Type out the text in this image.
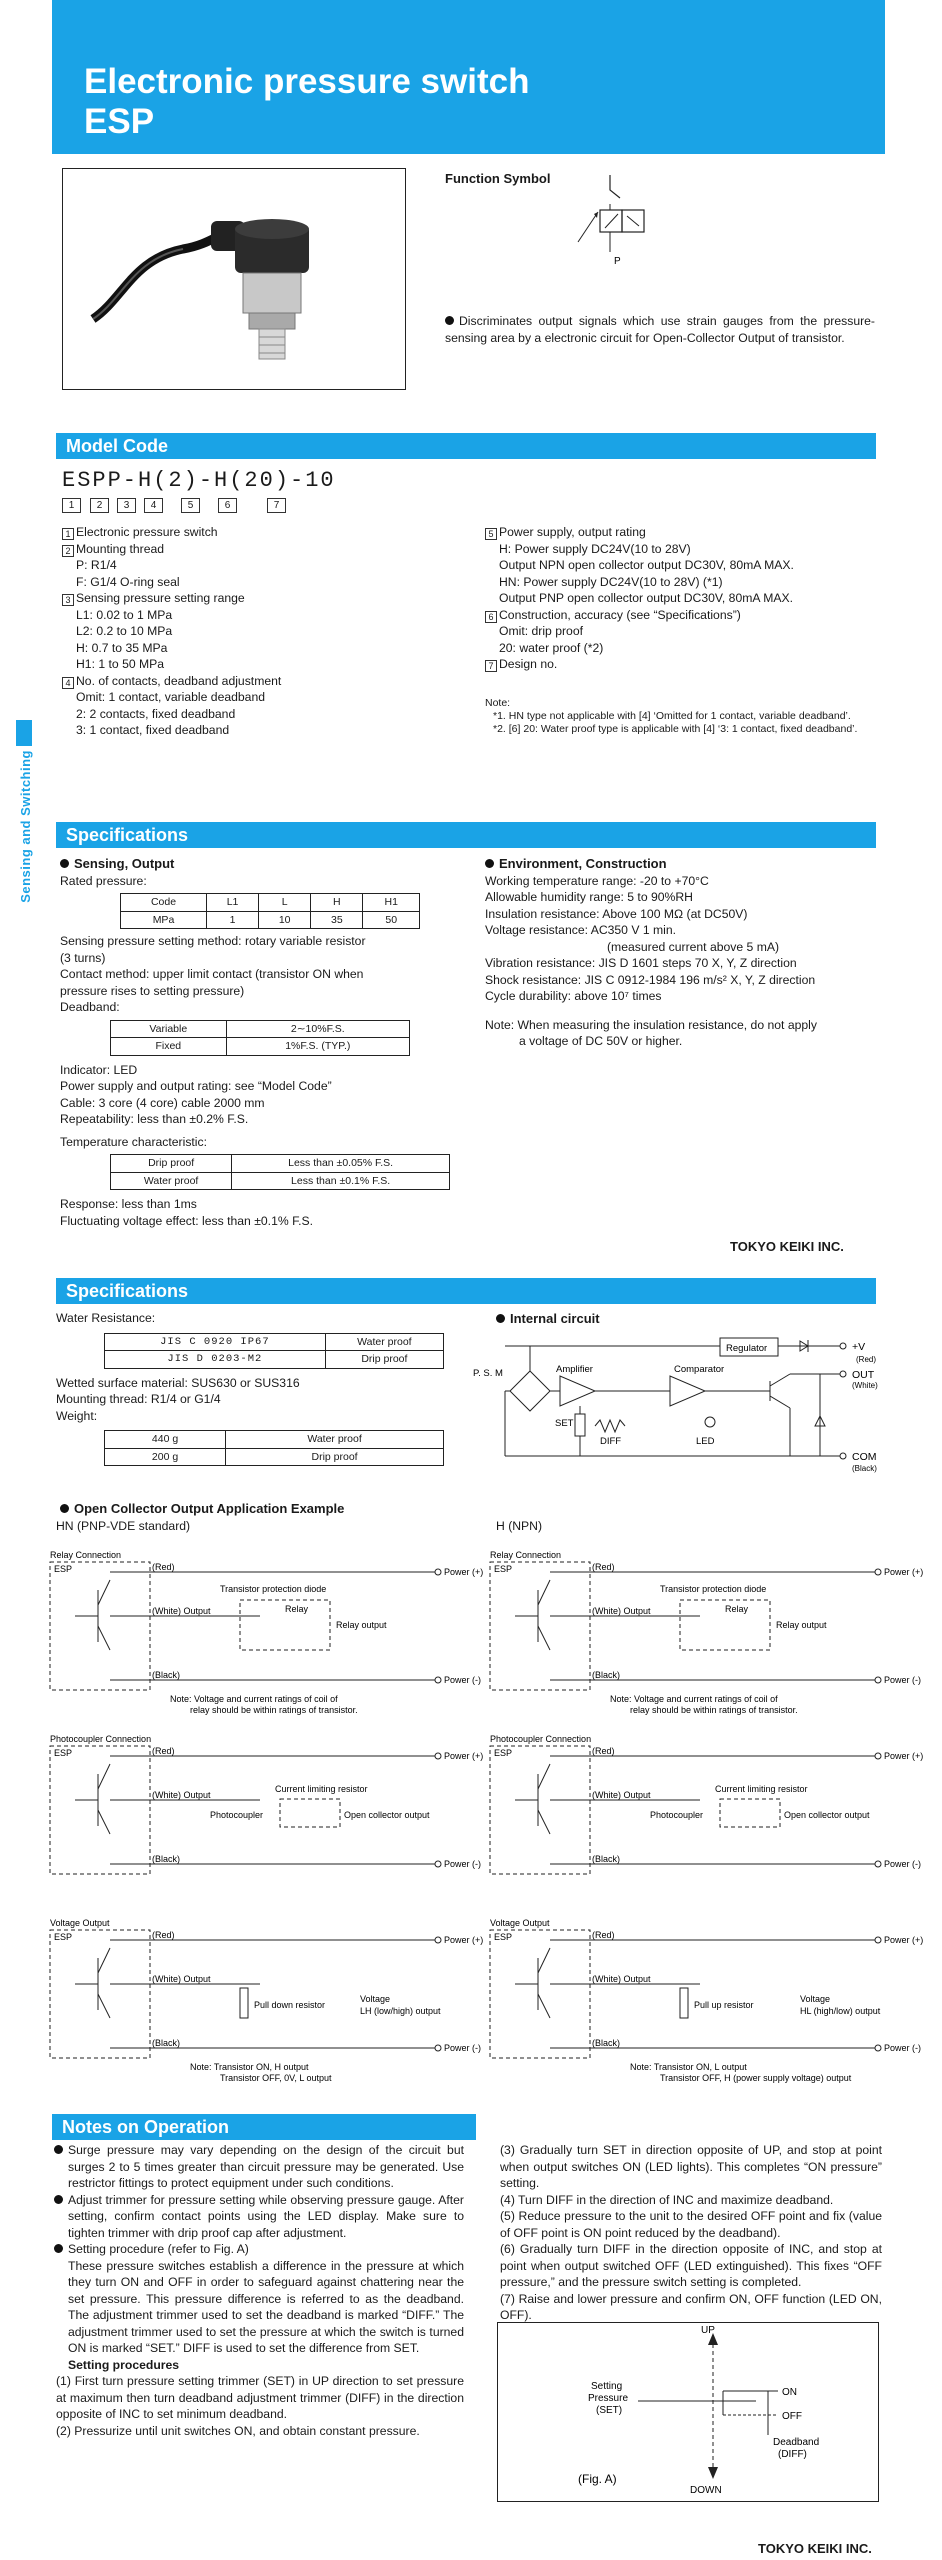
Electronic pressure switch
ESP
Function Symbol
P
Discriminates output signals which use strain gauges from the pressure-sensing area by a electronic circuit for Open-Collector Output of transistor.
Sensing and Switching
Model Code
ESPP-H(2)-H(20)-10
1 2 3 4	5	6	7
1 Electronic pressure switch
2 Mounting thread
P: R1/4
F: G1/4 O-ring seal
3 Sensing pressure setting range
L1: 0.02 to 1 MPa
L2: 0.2 to 10 MPa
H: 0.7 to 35 MPa
H1: 1 to 50 MPa
4 No. of contacts, deadband adjustment
Omit: 1 contact, variable deadband
2: 2 contacts, fixed deadband
3: 1 contact, fixed deadband
5 Power supply, output rating
H: Power supply DC24V(10 to 28V)
Output NPN open collector output DC30V, 80mA MAX.
HN: Power supply DC24V(10 to 28V) (*1)
Output PNP open collector output DC30V, 80mA MAX.
6 Construction, accuracy (see “Specifications”)
Omit: drip proof
20: water proof (*2)
7 Design no.
Note:
*1. HN type not applicable with [4] ‘Omitted for 1 contact, variable deadband’.
*2. [6] 20: Water proof type is applicable with [4] ‘3: 1 contact, fixed deadband’.
Specifications
Sensing, Output
Rated pressure:
Code	L1	L	H	H1
MPa	1	10	35	50
Sensing pressure setting method: rotary variable resistor
(3 turns)
Contact method: upper limit contact (transistor ON when
pressure rises to setting pressure)
Deadband:
Variable	2∼10%F.S.
Fixed	1%F.S. (TYP.)
Indicator: LED
Power supply and output rating: see “Model Code”
Cable: 3 core (4 core) cable 2000 mm
Repeatability: less than ±0.2% F.S.
Temperature characteristic:
Drip proof	Less than ±0.05% F.S.
Water proof	Less than ±0.1% F.S.
Response: less than 1ms
Fluctuating voltage effect: less than ±0.1% F.S.
Environment, Construction
Working temperature range: -20 to +70°C
Allowable humidity range: 5 to 90%RH
Insulation resistance: Above 100 MΩ (at DC50V)
Voltage resistance: AC350 V 1 min.
(measured current above 5 mA)
Vibration resistance: JIS D 1601 steps 70 X, Y, Z direction
Shock resistance: JIS C 0912-1984 196 m/s² X, Y, Z direction
Cycle durability: above 10⁷ times
Note: When measuring the insulation resistance, do not apply
a voltage of DC 50V or higher.
TOKYO KEIKI INC.
Specifications
Water Resistance:
JIS C 0920 IP67	Water proof
JIS D 0203-M2	Drip proof
Wetted surface material: SUS630 or SUS316
Mounting thread: R1/4 or G1/4
Weight:
440 g	Water proof
200 g	Drip proof
Internal circuit
P. S. M
Regulator	+V
(Red)
Amplifier	Comparator	OUT
(White)
COM
(Black)
SET
DIFF	LED
Open Collector Output Application Example
HN (PNP-VDE standard)	H (NPN)
Relay Connection
ESP	(Red)
(White) Output
(Black)
Power (+)
Power (-)
Transistor protection diode
Relay
Relay output
Note: Voltage and current ratings of coil of
relay should be within ratings of transistor.
Relay Connection
ESP	(Red)
(White) Output
(Black)
Power (+)
Power (-)
Transistor protection diode
Relay
Relay output
Note: Voltage and current ratings of coil of
relay should be within ratings of transistor.
Photocoupler Connection
ESP	(Red)
(White) Output
(Black)
Power (+)
Power (-)
Current limiting resistor
Photocoupler	Open collector output
Photocoupler Connection
ESP	(Red)
(White) Output
(Black)
Power (+)
Power (-)
Current limiting resistor
Photocoupler	Open collector output
Voltage Output
ESP	(Red)
(White) Output
(Black)
Power (+)
Power (-)
Pull down resistor
Voltage
LH (low/high) output
Note: Transistor ON, H output
Transistor OFF, 0V, L output
Voltage Output
ESP	(Red)
(White) Output
(Black)
Power (+)
Power (-)
Pull up resistor
Voltage
HL (high/low) output
Note: Transistor ON, L output
Transistor OFF, H (power supply voltage) output
Notes on Operation
Surge pressure may vary depending on the design of the circuit but surges 2 to 5 times greater than circuit pressure may be generated. Use restrictor fittings to protect equipment under such conditions.
Adjust trimmer for pressure setting while observing pressure gauge. After setting, confirm contact points using the LED display. Make sure to tighten trimmer with drip proof cap after adjustment.
Setting procedure (refer to Fig. A)
These pressure switches establish a difference in the pressure at which they turn ON and OFF in order to safeguard against chattering near the set pressure. This pressure difference is referred to as the deadband. The adjustment trimmer used to set the deadband is marked “DIFF.” The adjustment trimmer used to set the pressure at which the switch is turned ON is marked “SET.” DIFF is used to set the difference from SET.
Setting procedures
(1) First turn pressure setting trimmer (SET) in UP direction to set pressure at maximum then turn deadband adjustment trimmer (DIFF) in the direction opposite of INC to set minimum deadband.
(2) Pressurize until unit switches ON, and obtain constant pressure.
(3) Gradually turn SET in direction opposite of UP, and stop at point when output switches ON (LED lights). This completes “ON pressure” setting.
(4) Turn DIFF in the direction of INC and maximize deadband.
(5) Reduce pressure to the unit to the desired OFF point and fix (value of OFF point is ON point reduced by the deadband).
(6) Gradually turn DIFF in the direction opposite of INC, and stop at point when output switched OFF (LED extinguished). This fixes “OFF pressure,” and the pressure switch setting is completed.
(7) Raise and lower pressure and confirm ON, OFF function (LED ON, OFF).
UP
DOWN
Setting
Pressure
(SET)
ON
OFF
Deadband
(DIFF)
(Fig. A)
TOKYO KEIKI INC.
